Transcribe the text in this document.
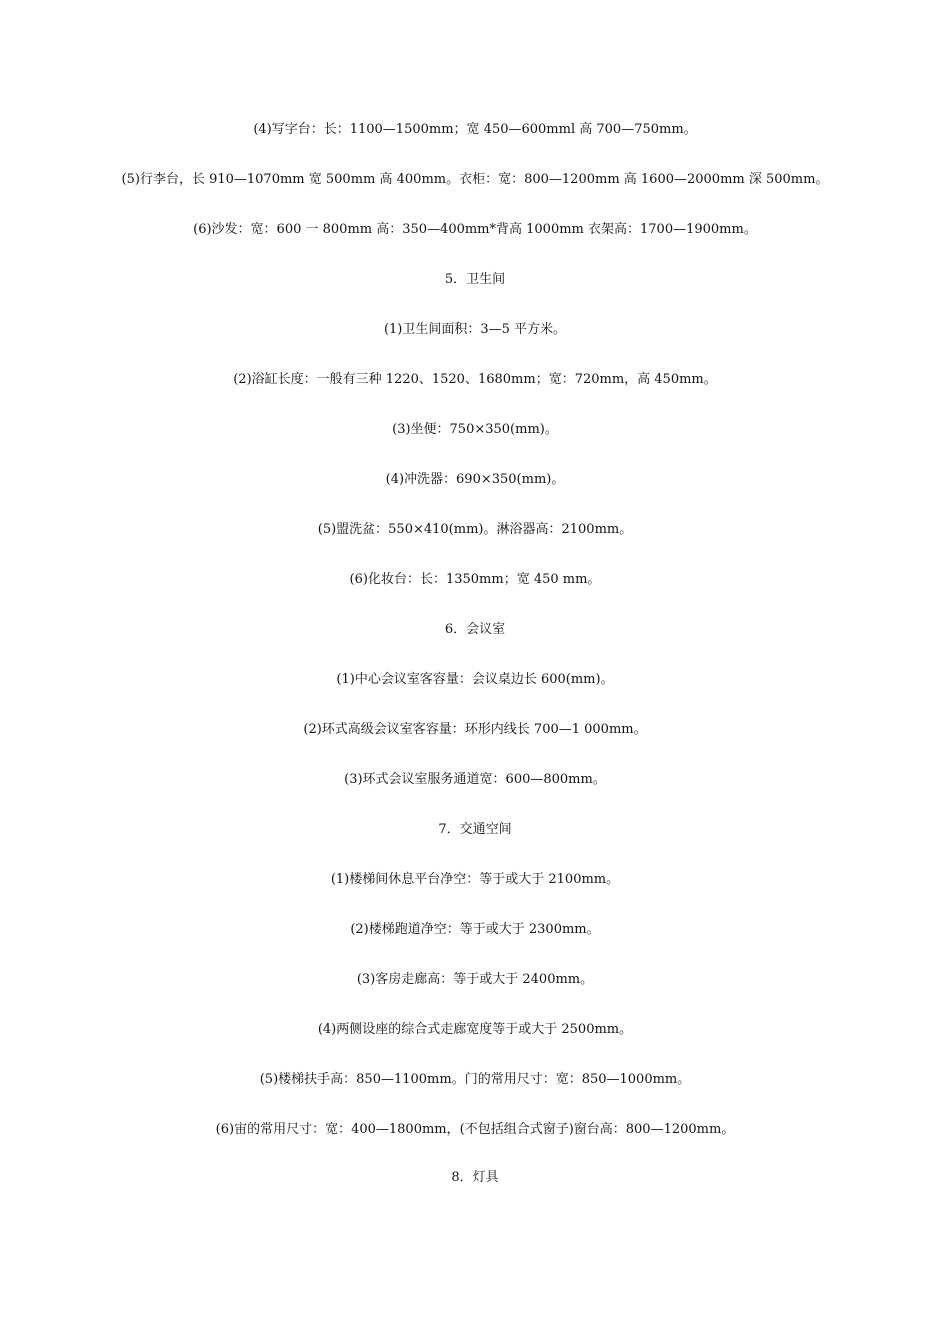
(4)写字台：长：1100—1500mm；宽 450—600mml 高 700—750mm。
(5)行李台，长 910—1070mm 宽 500mm 高 400mm。衣柜：宽：800—1200mm 高 1600—2000mm 深 500mm。
(6)沙发：宽：600 一 800mm 高：350—400mm*背高 1000mm 衣架高：1700—1900mm。
5．卫生间
(1)卫生间面积：3—5 平方米。
(2)浴缸长度：一般有三种 1220、1520、1680mm；宽：720mm，高 450mm。
(3)坐便：750×350(mm)。
(4)冲洗器：690×350(mm)。
(5)盟洗盆：550×410(mm)。淋浴器高：2100mm。
(6)化妆台：长：1350mm；宽 450 mm。
6．会议室
(1)中心会议室客容量：会议桌边长 600(mm)。
(2)环式高级会议室客容量：环形内线长 700—1 000mm。
(3)环式会议室服务通道宽：600—800mm。
7．交通空间
(1)楼梯间休息平台净空：等于或大于 2100mm。
(2)楼梯跑道净空：等于或大于 2300mm。
(3)客房走廊高：等于或大于 2400mm。
(4)两侧设座的综合式走廊宽度等于或大于 2500mm。
(5)楼梯扶手高：850—1100mm。门的常用尺寸：宽：850—1000mm。
(6)宙的常用尺寸：宽：400—1800mm，(不包括组合式窗子)窗台高：800—1200mm。
8．灯具
